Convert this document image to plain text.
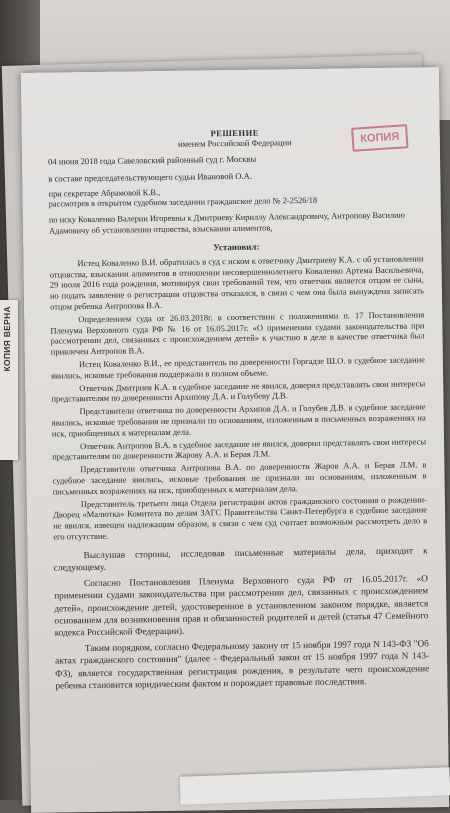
КОПИЯ
РЕШЕНИЕ
именем Российской Федерации
04 июня 2018 года Савеловский районный суд г. Москвы
в составе председательствующего судьи Ивановой О.А.
при секретаре Абрамовой К.В.,
рассмотрев в открытом судебном заседании гражданское дело № 2-2526/18
по иску Коваленко Валерии Игоревны к Дмитриеву Кириллу Александровичу, Антропову Василию Адамовичу об установлении отцовства, взыскании алиментов,
Установил:

Истец Коваленко В.И. обратилась в суд с иском к ответчику Дмитриеву К.А. с об установлении отцовства, взыскании алиментов в отношении несовершеннолетнего Коваленко Артема Васильевича, 29 июля 2016 года рождения, мотивируя свои требований тем, что ответчик является отцом ее сына, но подать заявление о регистрации отцовства отказался, в связи с чем она была вынуждена записать отцом ребенка Антропова В.А.

Определением суда от 26.03.2018г. в соответствии с положениями п. 17 Постановления Пленума Верховного суда РФ № 16 от 16.05.2017г. «О применении судами законодательства при рассмотрении дел, связанных с происхождением детей» к участию в деле в качестве ответчика был привлечен Антропов В.А.

Истец Коваленко В.И., ее представитель по доверенности Горгадзе Ш.О. в судебное заседание явились, исковые требования поддержали в полном объеме.

Ответчик Дмитриев К.А. в судебное заседание не явился, доверил представлять свои интересы представителям по доверенности Архипову Д.А. и Голубеву Д.В.

Представители ответчика по доверенности Архипов Д.А. и Голубев Д.В. в судебное заседание явились, исковые требования не признали по основаниям, изложенным в письменных возражениях на иск, приобщенных к материалам дела.

Ответчик Антропов В.А. в судебное заседание не явился, доверил представлять свои интересы представителям по доверенности Жарову А.А. и Берая Л.М.

Представители ответчика Антропова В.А. по доверенности Жаров А.А. и Берая Л.М. в судебное заседание явились, исковые требования не признали по основаниям, изложенным в письменных возражениях на иск, приобщенных к материалам дела.

Представитель третьего лица Отдела регистрации актов гражданского состояния о рождении-Дворец «Малютка» Комитета по делам ЗАГС Правительства Санкт-Петербурга в судебное заседание не явился, извещен надлежащим образом, в связи с чем суд считает возможным рассмотреть дело в его отсутствие.

Выслушав стороны, исследовав письменные материалы дела, приходит к следующему.

Согласно Постановления Пленума Верховного суда РФ от 16.05.2017г. «О применении судами законодательства при рассмотрении дел, связанных с происхождением детей», происхождение детей, удостоверенное в установленном законом порядке, является основанием для возникновения прав и обязанностей родителей и детей (статья 47 Семейного кодекса Российской Федерации).

Таким порядком, согласно Федеральному закону от 15 ноября 1997 года N 143-ФЗ "Об актах гражданского состояния" (далее - Федеральный закон от 15 ноября 1997 года N 143-ФЗ), является государственная регистрация рождения, в результате чего происхождение ребенка становится юридическим фактом и порождает правовые последствия.

КОПИЯ ВЕРНА
